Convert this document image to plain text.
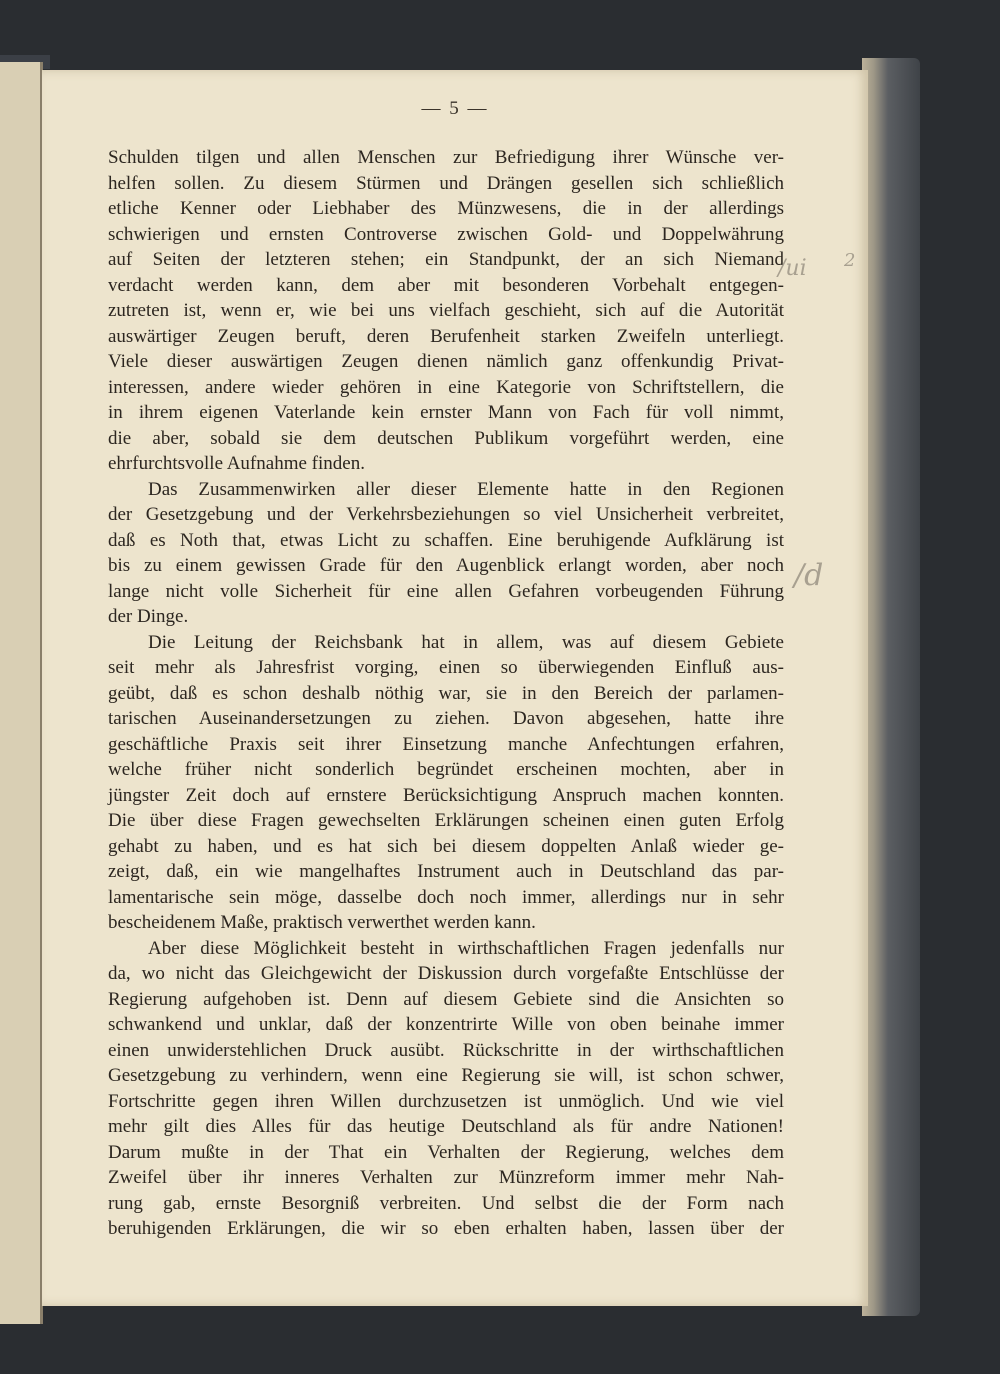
— 5 —
Schulden tilgen und allen Menschen zur Befriedigung ihrer Wünsche ver-
helfen sollen. Zu diesem Stürmen und Drängen gesellen sich schließlich
etliche Kenner oder Liebhaber des Münzwesens, die in der allerdings
schwierigen und ernsten Controverse zwischen Gold- und Doppelwährung
auf Seiten der letzteren stehen; ein Standpunkt, der an sich Niemand
verdacht werden kann, dem aber mit besonderen Vorbehalt entgegen-
zutreten ist, wenn er, wie bei uns vielfach geschieht, sich auf die Autorität
auswärtiger Zeugen beruft, deren Berufenheit starken Zweifeln unterliegt.
Viele dieser auswärtigen Zeugen dienen nämlich ganz offenkundig Privat-
interessen, andere wieder gehören in eine Kategorie von Schriftstellern, die
in ihrem eigenen Vaterlande kein ernster Mann von Fach für voll nimmt,
die aber, sobald sie dem deutschen Publikum vorgeführt werden, eine
ehrfurchtsvolle Aufnahme finden.
Das Zusammenwirken aller dieser Elemente hatte in den Regionen
der Gesetzgebung und der Verkehrsbeziehungen so viel Unsicherheit verbreitet,
daß es Noth that, etwas Licht zu schaffen. Eine beruhigende Aufklärung ist
bis zu einem gewissen Grade für den Augenblick erlangt worden, aber noch
lange nicht volle Sicherheit für eine allen Gefahren vorbeugenden Führung
der Dinge.
Die Leitung der Reichsbank hat in allem, was auf diesem Gebiete
seit mehr als Jahresfrist vorging, einen so überwiegenden Einfluß aus-
geübt, daß es schon deshalb nöthig war, sie in den Bereich der parlamen-
tarischen Auseinandersetzungen zu ziehen. Davon abgesehen, hatte ihre
geschäftliche Praxis seit ihrer Einsetzung manche Anfechtungen erfahren,
welche früher nicht sonderlich begründet erscheinen mochten, aber in
jüngster Zeit doch auf ernstere Berücksichtigung Anspruch machen konnten.
Die über diese Fragen gewechselten Erklärungen scheinen einen guten Erfolg
gehabt zu haben, und es hat sich bei diesem doppelten Anlaß wieder ge-
zeigt, daß, ein wie mangelhaftes Instrument auch in Deutschland das par-
lamentarische sein möge, dasselbe doch noch immer, allerdings nur in sehr
bescheidenem Maße, praktisch verwerthet werden kann.
Aber diese Möglichkeit besteht in wirthschaftlichen Fragen jedenfalls nur
da, wo nicht das Gleichgewicht der Diskussion durch vorgefaßte Entschlüsse der
Regierung aufgehoben ist. Denn auf diesem Gebiete sind die Ansichten so
schwankend und unklar, daß der konzentrirte Wille von oben beinahe immer
einen unwiderstehlichen Druck ausübt. Rückschritte in der wirthschaftlichen
Gesetzgebung zu verhindern, wenn eine Regierung sie will, ist schon schwer,
Fortschritte gegen ihren Willen durchzusetzen ist unmöglich. Und wie viel
mehr gilt dies Alles für das heutige Deutschland als für andre Nationen!
Darum mußte in der That ein Verhalten der Regierung, welches dem
Zweifel über ihr inneres Verhalten zur Münzreform immer mehr Nah-
rung gab, ernste Besorgniß verbreiten. Und selbst die der Form nach
beruhigenden Erklärungen, die wir so eben erhalten haben, lassen über der
/ui 2
/d
